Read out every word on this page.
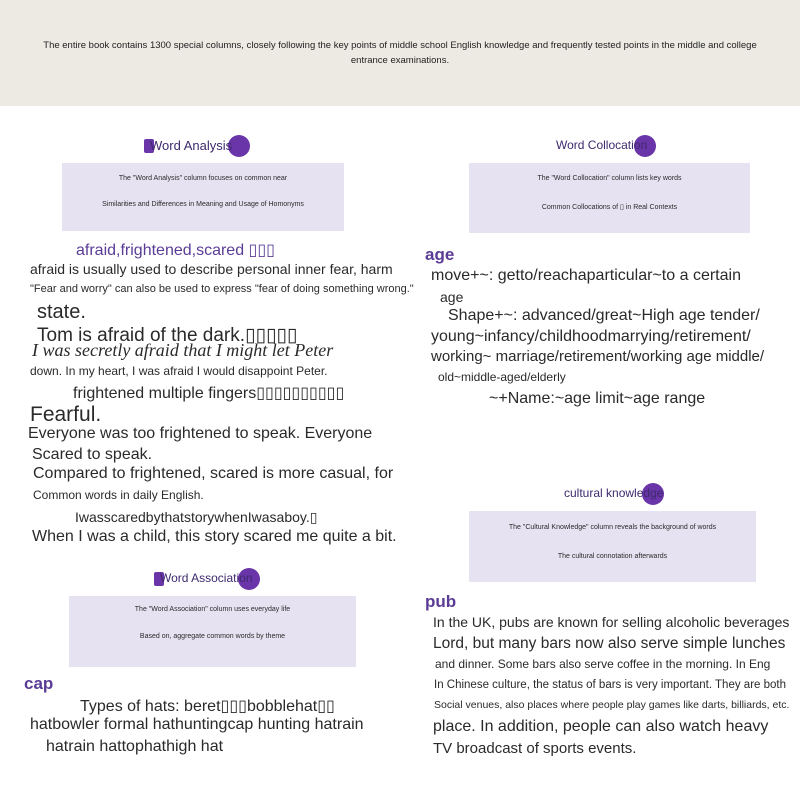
The entire book contains 1300 special columns, closely following the key points of middle school English knowledge and frequently tested points in the middle and college entrance examinations.
Word Analysis
The "Word Analysis" column focuses on common near
Similarities and Differences in Meaning and Usage of Homonyms
afraid,frightened,scared ▯▯▯
afraid is usually used to describe personal inner fear, harm
"Fear and worry" can also be used to express "fear of doing something wrong."
state.
Tom is afraid of the dark.▯▯▯▯▯
I was secretly afraid that I might let Peter
down. In my heart, I was afraid I would disappoint Peter.
frightened multiple fingers▯▯▯▯▯▯▯▯▯▯
Fearful.
Everyone was too frightened to speak. Everyone
Scared to speak.
Compared to frightened, scared is more casual, for
Common words in daily English.
IwasscaredbythatstorywhenIwasaboy.▯
When I was a child, this story scared me quite a bit.
Word Association
The "Word Association" column uses everyday life
Based on, aggregate common words by theme
cap
Types of hats: beret▯▯▯bobblehat▯▯
hatbowler formal hathuntingcap hunting hatrain
hatrain hattophathigh hat
Word Collocation
The "Word Collocation" column lists key words
Common Collocations of ▯ in Real Contexts
age
move+~: getto/reachaparticular~to a certain
age
Shape+~: advanced/great~High age tender/
young~infancy/childhoodmarrying/retirement/
working~ marriage/retirement/working age middle/
old~middle-aged/elderly
~+Name:~age limit~age range
cultural knowledge
The "Cultural Knowledge" column reveals the background of words
The cultural connotation afterwards
pub
In the UK, pubs are known for selling alcoholic beverages
Lord, but many bars now also serve simple lunches
and dinner. Some bars also serve coffee in the morning. In Eng
In Chinese culture, the status of bars is very important. They are both
Social venues, also places where people play games like darts, billiards, etc.
place. In addition, people can also watch heavy
TV broadcast of sports events.
